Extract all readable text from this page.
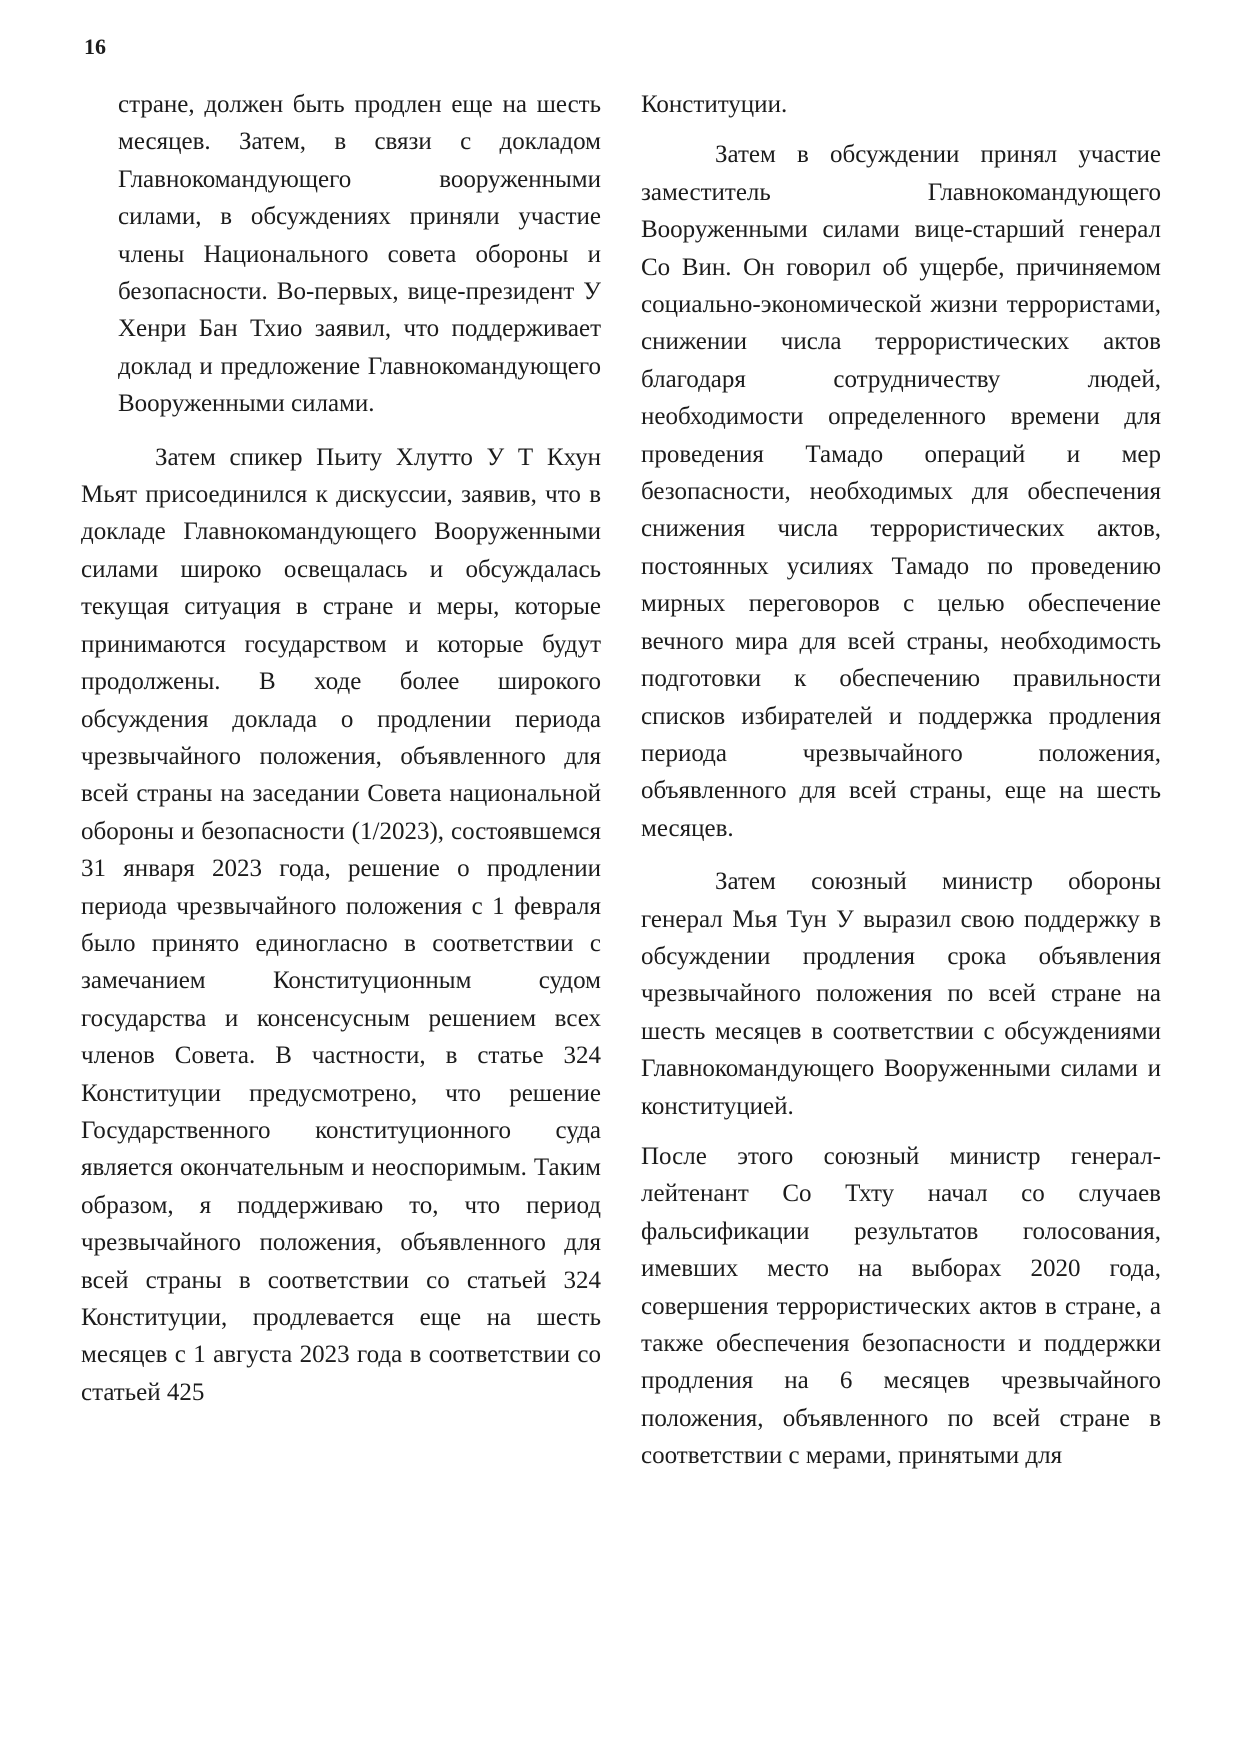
16

стране, должен быть продлен еще на шесть месяцев. Затем, в связи с докладом Главнокомандующего вооруженными силами, в обсуждениях приняли участие члены Национального совета обороны и безопасности. Во-первых, вице-президент У Хенри Бан Тхио заявил, что поддерживает доклад и предложение Главнокомандующего Вооруженными силами.

Затем спикер Пьиту Хлутто У Т Кхун Мьят присоединился к дискуссии, заявив, что в докладе Главнокомандующего Вооруженными силами широко освещалась и обсуждалась текущая ситуация в стране и меры, которые принимаются государством и которые будут продолжены. В ходе более широкого обсуждения доклада о продлении периода чрезвычайного положения, объявленного для всей страны на заседании Совета национальной обороны и безопасности (1/2023), состоявшемся 31 января 2023 года, решение о продлении периода чрезвычайного положения с 1 февраля было принято единогласно в соответствии с замечанием Конституционным судом государства и консенсусным решением всех членов Совета. В частности, в статье 324 Конституции предусмотрено, что решение Государственного конституционного суда является окончательным и неоспоримым. Таким образом, я поддерживаю то, что период чрезвычайного положения, объявленного для всей страны в соответствии со статьей 324 Конституции, продлевается еще на шесть месяцев с 1 августа 2023 года в соответствии со статьей 425

Конституции.

Затем в обсуждении принял участие заместитель Главнокомандующего Вооруженными силами вице-старший генерал Со Вин. Он говорил об ущербе, причиняемом социально-экономической жизни террористами, снижении числа террористических актов благодаря сотрудничеству людей, необходимости определенного времени для проведения Тамадо операций и мер безопасности, необходимых для обеспечения снижения числа террористических актов, постоянных усилиях Тамадо по проведению мирных переговоров с целью обеспечение вечного мира для всей страны, необходимость подготовки к обеспечению правильности списков избирателей и поддержка продления периода чрезвычайного положения, объявленного для всей страны, еще на шесть месяцев.

Затем союзный министр обороны генерал Мья Тун У выразил свою поддержку в обсуждении продления срока объявления чрезвычайного положения по всей стране на шесть месяцев в соответствии с обсуждениями Главнокомандующего Вооруженными силами и конституцией.

После этого союзный министр генерал-лейтенант Со Тхту начал со случаев фальсификации результатов голосования, имевших место на выборах 2020 года, совершения террористических актов в стране, а также обеспечения безопасности и поддержки продления на 6 месяцев чрезвычайного положения, объявленного по всей стране в соответствии с мерами, принятыми для
